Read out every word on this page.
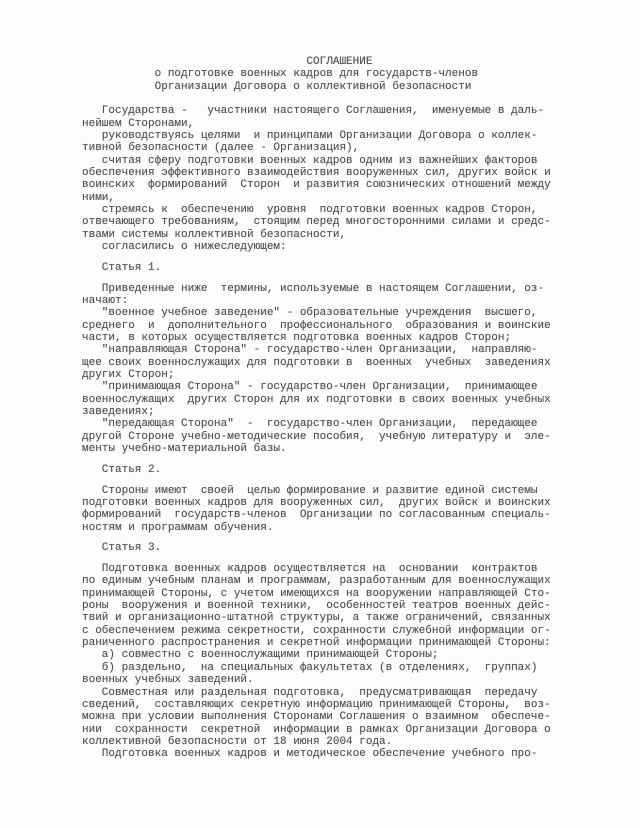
СОГЛАШЕНИЕ
о подготовке военных кадров для государств-членов
Организации Договора о коллективной безопасности
Государства -   участники настоящего Соглашения,  именуемые в даль-
нейшем Сторонами,
руководствуясь целями  и принципами Организации Договора о коллек-
тивной безопасности (далее - Организация),
считая сферу подготовки военных кадров одним из важнейших факторов
обеспечения эффективного взаимодействия вооруженных сил, других войск и
воинских  формирований  Сторон  и развития союзнических отношений между
ними,
стремясь к  обеспечению  уровня  подготовки военных кадров Сторон,
отвечающего требованиям,  стоящим перед многосторонними силами и средс-
твами системы коллективной безопасности,
согласились о нижеследующем:
Статья 1.
Приведенные ниже  термины, используемые в настоящем Соглашении, оз-
начают:
"военное учебное заведение" - образовательные учреждения  высшего,
среднего  и  дополнительного  профессионального  образования и воинские
части, в которых осуществляется подготовка военных кадров Сторон;
"направляющая Сторона" - государство-член Организации,  направляю-
щее своих военнослужащих для подготовки в  военных  учебных  заведениях
других Сторон;
"принимающая Сторона" - государство-член Организации,  принимающее
военнослужащих  других Сторон для их подготовки в своих военных учебных
заведениях;
"передающая Сторона"  -  государство-член Организации,  передающее
другой Стороне учебно-методические пособия,  учебную литературу и  эле-
менты учебно-материальной базы.
Статья 2.
Стороны имеют  своей  целью формирование и развитие единой системы
подготовки военных кадров для вооруженных сил,  других войск и воинских
формирований  государств-членов  Организации по согласованным специаль-
ностям и программам обучения.
Статья 3.
Подготовка военных кадров осуществляется на  основании  контрактов
по единым учебным планам и программам, разработанным для военнослужащих
принимающей Стороны, с учетом имеющихся на вооружении направляющей Сто-
роны  вооружения и военной техники,  особенностей театров военных дейс-
твий и организационно-штатной структуры, а также ограничений, связанных
с обеспечением режима секретности, сохранности служебной информации ог-
раниченного распространения и секретной информации принимающей Стороны:
а) совместно с военнослужащими принимающей Стороны;
б) раздельно,  на специальных факультетах (в отделениях,  группах)
военных учебных заведений.
Совместная или раздельная подготовка,  предусматривающая  передачу
сведений,  составляющих секретную информацию принимающей Стороны,  воз-
можна при условии выполнения Сторонами Соглашения о взаимном  обеспече-
нии  сохранности  секретной  информации в рамках Организации Договора о
коллективной безопасности от 18 июня 2004 года.
Подготовка военных кадров и методическое обеспечение учебного про-
